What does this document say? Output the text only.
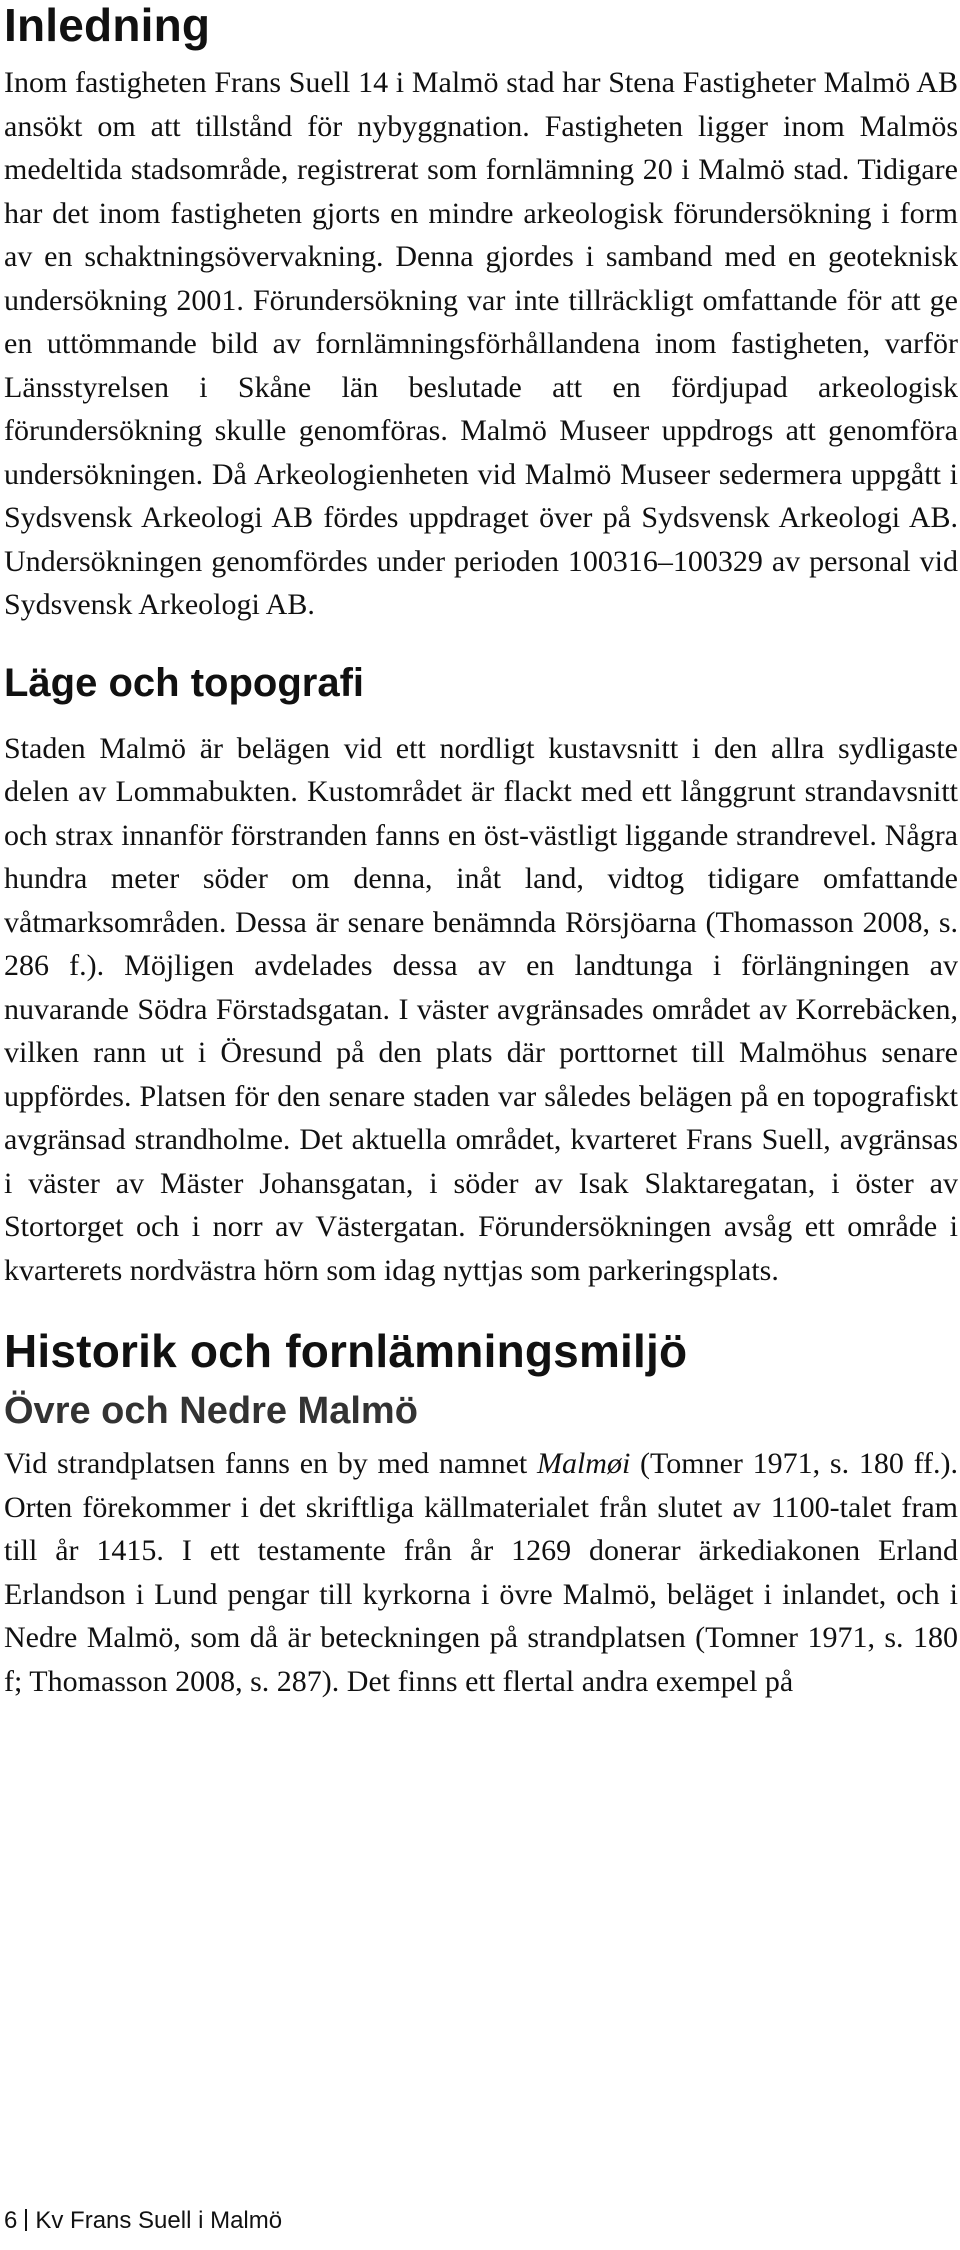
Inledning

Inom fastigheten Frans Suell 14 i Malmö stad har Stena Fastigheter Malmö AB ansökt om att tillstånd för nybyggnation. Fastigheten ligger inom Malmös medeltida stadsområde, registrerat som fornlämning 20 i Malmö stad. Tidigare har det inom fastigheten gjorts en mindre arkeologisk förundersökning i form av en schaktningsövervakning. Denna gjordes i samband med en geoteknisk undersökning 2001. Förundersökning var inte tillräckligt omfattande för att ge en uttömmande bild av fornlämningsförhållandena inom fastigheten, varför Länsstyrelsen i Skåne län beslutade att en fördjupad arkeologisk förundersökning skulle genomföras. Malmö Museer uppdrogs att genomföra undersökningen. Då Arkeologienheten vid Malmö Museer sedermera uppgått i Sydsvensk Arkeologi AB fördes uppdraget över på Sydsvensk Arkeologi AB. Undersökningen genomfördes under perioden 100316–100329 av personal vid Sydsvensk Arkeologi AB.

Läge och topografi

Staden Malmö är belägen vid ett nordligt kustavsnitt i den allra sydligaste delen av Lommabukten. Kustområdet är flackt med ett långgrunt strandavsnitt och strax innanför förstranden fanns en öst-västligt liggande strandrevel. Några hundra meter söder om denna, inåt land, vidtog tidigare omfattande våtmarksområden. Dessa är senare benämnda Rörsjöarna (Thomasson 2008, s. 286 f.). Möjligen avdelades dessa av en landtunga i förlängningen av nuvarande Södra Förstadsgatan. I väster avgränsades området av Korrebäcken, vilken rann ut i Öresund på den plats där porttornet till Malmöhus senare uppfördes. Platsen för den senare staden var således belägen på en topografiskt avgränsad strandholme. Det aktuella området, kvarteret Frans Suell, avgränsas i väster av Mäster Johansgatan, i söder av Isak Slaktaregatan, i öster av Stortorget och i norr av Västergatan. Förundersökningen avsåg ett område i kvarterets nordvästra hörn som idag nyttjas som parkeringsplats.

Historik och fornlämningsmiljö
Övre och Nedre Malmö

Vid strandplatsen fanns en by med namnet Malmøi (Tomner 1971, s. 180 ff.). Orten förekommer i det skriftliga källmaterialet från slutet av 1100-talet fram till år 1415. I ett testamente från år 1269 donerar ärkediakonen Erland Erlandson i Lund pengar till kyrkorna i övre Malmö, beläget i inlandet, och i Nedre Malmö, som då är beteckningen på strandplatsen (Tomner 1971, s. 180 f; Thomasson 2008, s. 287). Det finns ett flertal andra exempel på

6 Kv Frans Suell i Malmö
